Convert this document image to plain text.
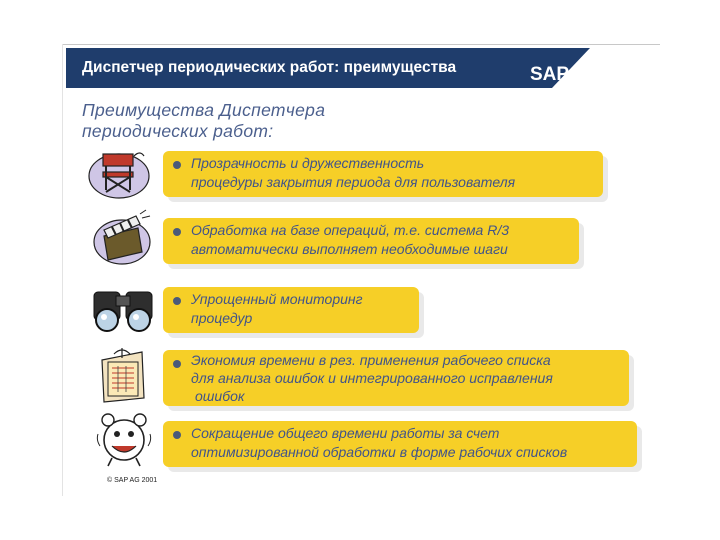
Диспетчер периодических работ: преимущества	SAP
Преимущества Диспетчера
периодических работ:
Прозрачность и дружественность
процедуры закрытия периода для пользователя
Обработка на базе операций, т.е. система R/3
автоматически выполняет необходимые шаги
Упрощенный мониторинг
процедур
Экономия времени в рез. применения рабочего списка
для анализа ошибок и интегрированного исправления
ошибок
Сокращение общего времени работы за счет
оптимизированной обработки в форме рабочих списков
© SAP AG 2001
